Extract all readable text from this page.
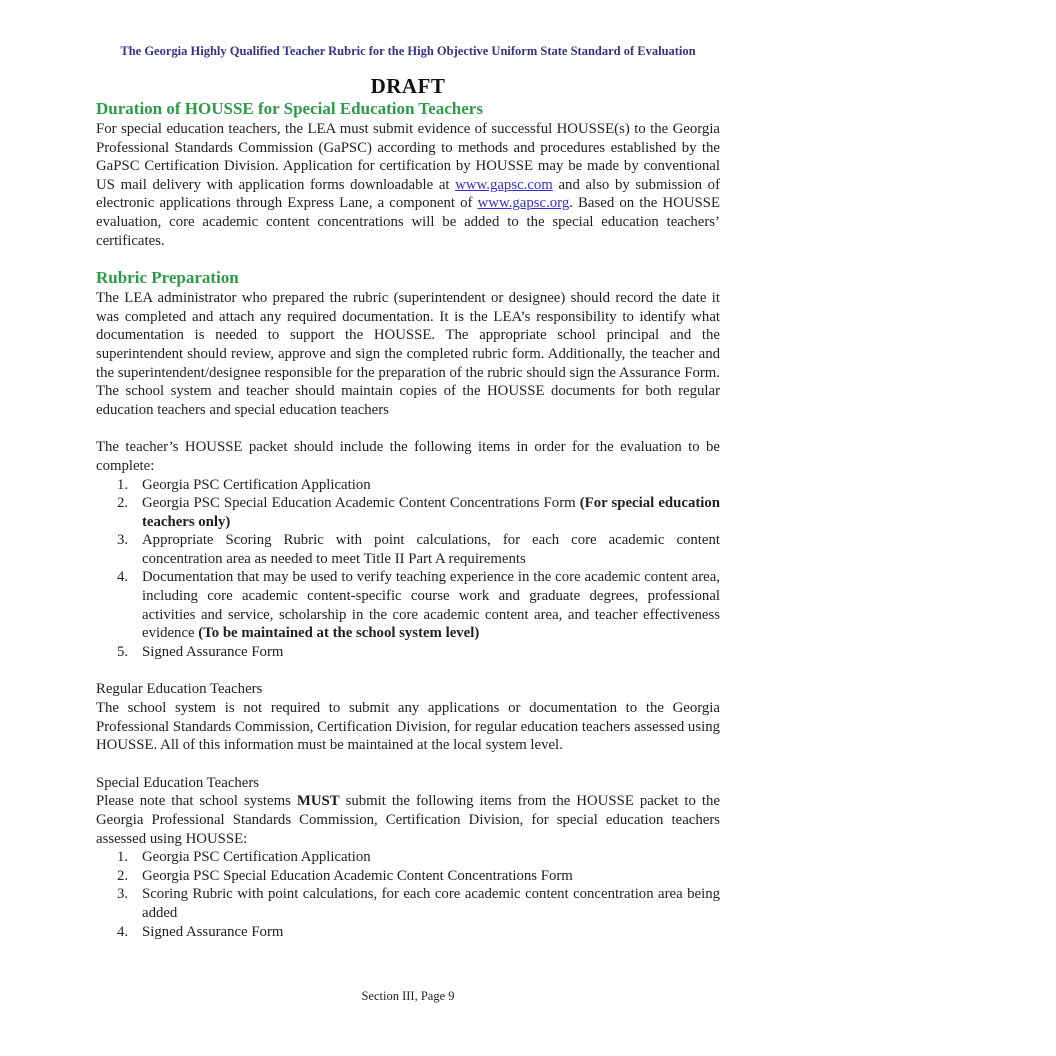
The Georgia Highly Qualified Teacher Rubric for the High Objective Uniform State Standard of Evaluation
DRAFT
Duration of HOUSSE for Special Education Teachers

For special education teachers, the LEA must submit evidence of successful HOUSSE(s) to the Georgia Professional Standards Commission (GaPSC) according to methods and procedures established by the GaPSC Certification Division. Application for certification by HOUSSE may be made by conventional US mail delivery with application forms downloadable at www.gapsc.com and also by submission of electronic applications through Express Lane, a component of www.gapsc.org. Based on the HOUSSE evaluation, core academic content concentrations will be added to the special education teachers’ certificates.

Rubric Preparation

The LEA administrator who prepared the rubric (superintendent or designee) should record the date it was completed and attach any required documentation. It is the LEA’s responsibility to identify what documentation is needed to support the HOUSSE. The appropriate school principal and the superintendent should review, approve and sign the completed rubric form. Additionally, the teacher and the superintendent/designee responsible for the preparation of the rubric should sign the Assurance Form. The school system and teacher should maintain copies of the HOUSSE documents for both regular education teachers and special education teachers

The teacher’s HOUSSE packet should include the following items in order for the evaluation to be complete:

1. Georgia PSC Certification Application
2. Georgia PSC Special Education Academic Content Concentrations Form (For special education teachers only)
3. Appropriate Scoring Rubric with point calculations, for each core academic content concentration area as needed to meet Title II Part A requirements
4. Documentation that may be used to verify teaching experience in the core academic content area, including core academic content-specific course work and graduate degrees, professional activities and service, scholarship in the core academic content area, and teacher effectiveness evidence (To be maintained at the school system level)
5. Signed Assurance Form

Regular Education Teachers

The school system is not required to submit any applications or documentation to the Georgia Professional Standards Commission, Certification Division, for regular education teachers assessed using HOUSSE. All of this information must be maintained at the local system level.

Special Education Teachers

Please note that school systems MUST submit the following items from the HOUSSE packet to the Georgia Professional Standards Commission, Certification Division, for special education teachers assessed using HOUSSE:

1. Georgia PSC Certification Application
2. Georgia PSC Special Education Academic Content Concentrations Form
3. Scoring Rubric with point calculations, for each core academic content concentration area being added
4. Signed Assurance Form
Section III, Page 9
